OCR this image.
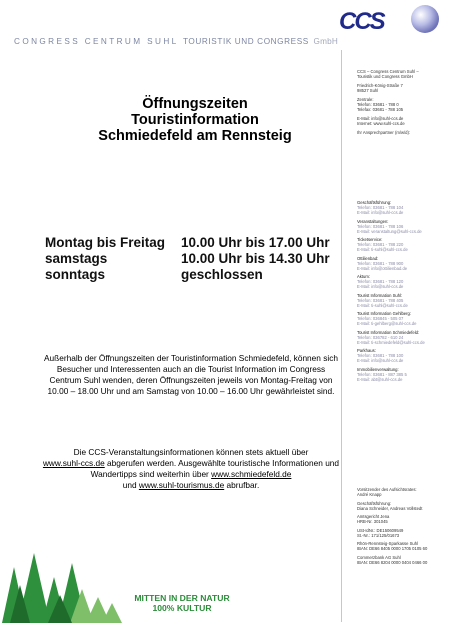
CCS
CONGRESS CENTRUM SUHL TOURISTIK UND CONGRESS GmbH
Öffnungszeiten
Touristinformation
Schmiedefeld am Rennsteig
Montag bis Freitag	10.00 Uhr bis 17.00 Uhr
samstags	10.00 Uhr bis 14.30 Uhr
sonntags	geschlossen
Außerhalb der Öffnungszeiten der Touristinformation Schmiedefeld, können sich Besucher und Interessenten auch an die Tourist Information im Congress Centrum Suhl wenden, deren Öffnungszeiten jeweils von Montag-Freitag von 10.00 – 18.00 Uhr und am Samstag von 10.00 – 16.00 Uhr gewährleistet sind.
Die CCS-Veranstaltungsinformationen können stets aktuell über
www.suhl-ccs.de abgerufen werden. Ausgewählte touristische Informationen und Wandertipps sind weiterhin über www.schmiedefeld.de
und www.suhl-tourismus.de abrufbar.
MITTEN IN DER NATUR
100% KULTUR
CCS – Congress Centrum Suhl –
Touristik und Congress GmbH
Friedrich-König-Straße 7
98527 Suhl
Zentrale:
Telefon: 03681 - 788 0
Telefax: 03681 - 788 105
E-Mail: info@suhl-ccs.de
Internet: www.suhl-ccs.de
Ihr Ansprechpartner (m/w/d):
Geschäftsführung:
Telefon: 03681 - 788 104
E-Mail: info@suhl-ccs.de
Veranstaltungen:
Telefon: 03681 - 788 106
E-Mail: veranstaltung@suhl-ccs.de
Ticketservice:
Telefon: 03681 - 788 220
E-Mail: ti-suhl@suhl-ccs.de
Ottilienbad:
Telefon: 03681 - 788 900
E-Mail: info@ottilienbad.de
Aktum:
Telefon: 03681 - 788 120
E-Mail: info@suhl-ccs.de
Tourist Information Suhl:
Telefon: 03681 - 788 405
E-Mail: ti-suhl@suhl-ccs.de
Tourist Information Gehlberg:
Telefon: 036845 - 505 07
E-Mail: ti-gehlberg@suhl-ccs.de
Tourist Information Schmiedefeld:
Telefon: 036782 - 610 24
E-Mail: ti-schmiedefeld@suhl-ccs.de
Parkhaus:
Telefon: 03681 - 788 100
E-Mail: info@suhl-ccs.de
Immobilienverwaltung:
Telefon: 03681 - 887 385 5
E-Mail: abt@suhl-ccs.de
Vorsitzender des Aufsichtsrates:
André Knapp
Geschäftsführung:
Diana Schneider, Andreas Vollstedt
Amtsgericht Jena
HRB-Nr. 301045
USt-IdNr.: DE150609549
St.-Nr.: 171/125/01673
Rhön-Rennsteig-Sparkasse Suhl
IBAN: DE66 8405 0000 1705 0105 60
Commerzbank AG Suhl
IBAN: DE66 8204 0000 0404 0466 00
